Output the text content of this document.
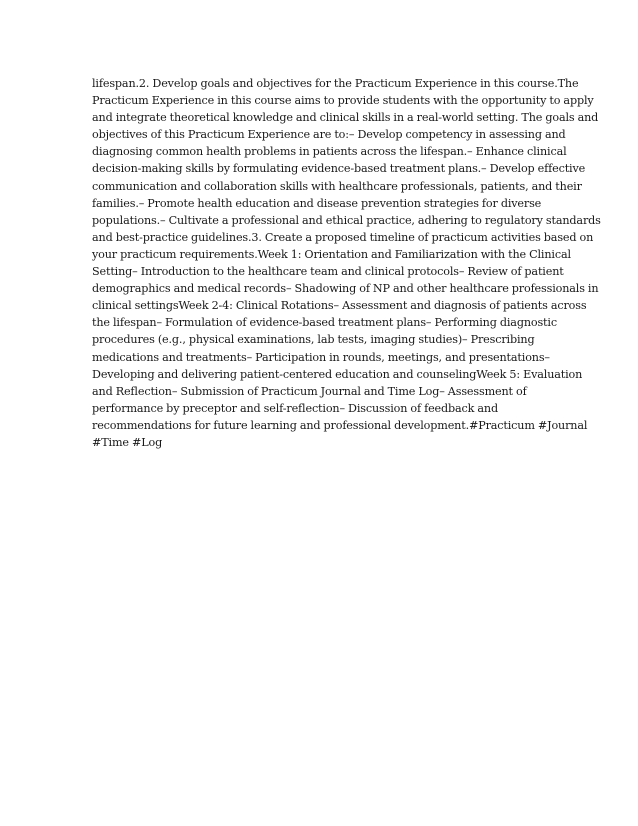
lifespan.2. Develop goals and objectives for the Practicum Experience in this course.The
Practicum Experience in this course aims to provide students with the opportunity to apply
and integrate theoretical knowledge and clinical skills in a real-world setting. The goals and
objectives of this Practicum Experience are to:– Develop competency in assessing and
diagnosing common health problems in patients across the lifespan.– Enhance clinical
decision-making skills by formulating evidence-based treatment plans.– Develop effective
communication and collaboration skills with healthcare professionals, patients, and their
families.– Promote health education and disease prevention strategies for diverse
populations.– Cultivate a professional and ethical practice, adhering to regulatory standards
and best-practice guidelines.3. Create a proposed timeline of practicum activities based on
your practicum requirements.Week 1: Orientation and Familiarization with the Clinical
Setting– Introduction to the healthcare team and clinical protocols– Review of patient
demographics and medical records– Shadowing of NP and other healthcare professionals in
clinical settingsWeek 2-4: Clinical Rotations– Assessment and diagnosis of patients across
the lifespan– Formulation of evidence-based treatment plans– Performing diagnostic
procedures (e.g., physical examinations, lab tests, imaging studies)– Prescribing
medications and treatments– Participation in rounds, meetings, and presentations–
Developing and delivering patient-centered education and counselingWeek 5: Evaluation
and Reflection– Submission of Practicum Journal and Time Log– Assessment of
performance by preceptor and self-reflection– Discussion of feedback and
recommendations for future learning and professional development.#Practicum #Journal
#Time #Log
